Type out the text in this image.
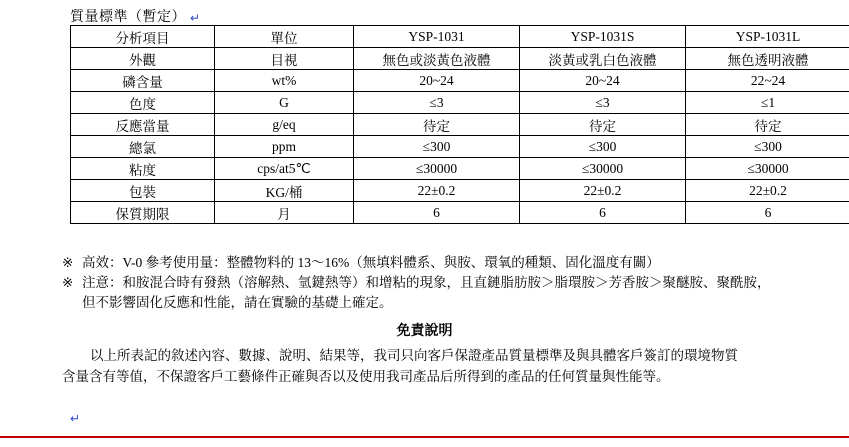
質量標準（暫定） ↵
分析項目	單位	YSP-1031	YSP-1031S	YSP-1031L
外觀	目視	無色或淡黃色液體	淡黃或乳白色液體	無色透明液體
磷含量	wt%	20~24	20~24	22~24
色度	G	≤3	≤3	≤1
反應當量	g/eq	待定	待定	待定
總氯	ppm	≤300	≤300	≤300
粘度	cps/at5℃	≤30000	≤30000	≤30000
包裝	KG/桶	22±0.2	22±0.2	22±0.2
保質期限	月	6	6	6
※ 高效：V-0 參考使用量：整體物料的 13～16%（無填料體系、與胺、環氧的種類、固化溫度有關）
※ 注意：和胺混合時有發熱（溶解熱、氫鍵熱等）和增粘的現象，且直鏈脂肪胺＞脂環胺＞芳香胺＞聚醚胺、聚酰胺，
但不影響固化反應和性能，請在實驗的基礎上確定。
免責說明

以上所表記的敘述內容、數據、說明、結果等，我司只向客戶保證產品質量標準及與具體客戶簽訂的環境物質

含量含有等值，不保證客戶工藝條件正確與否以及使用我司產品后所得到的產品的任何質量與性能等。

↵
